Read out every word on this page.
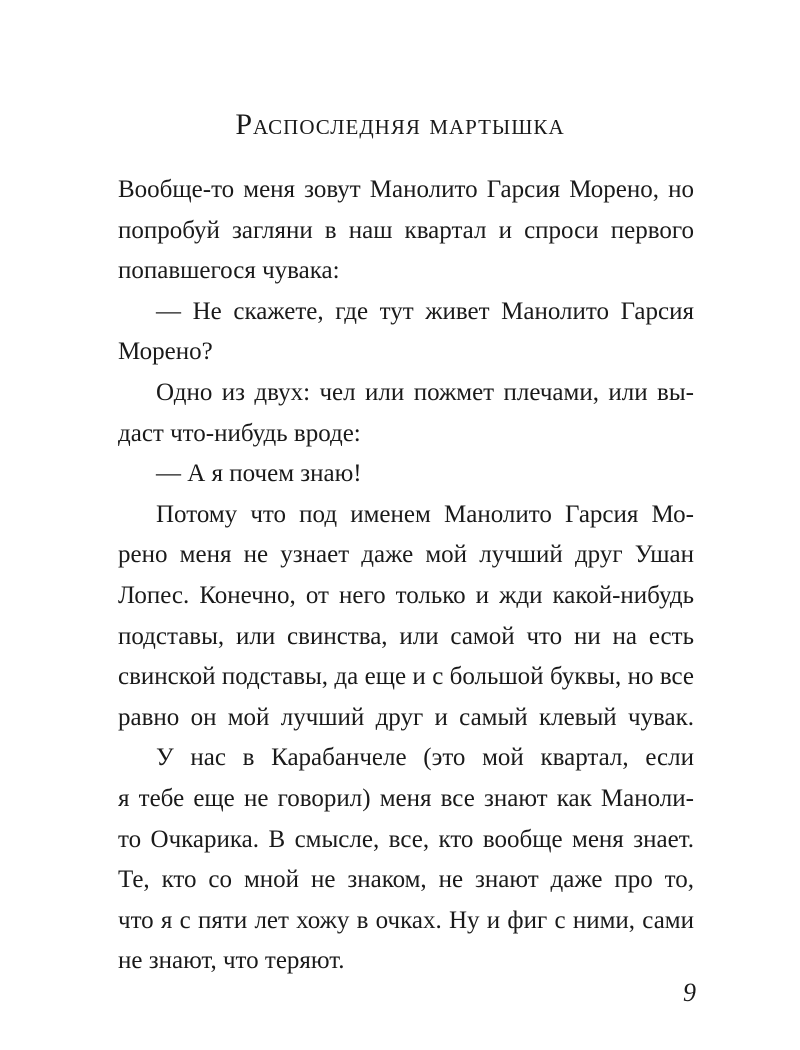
Распоследняя мартышка
Вообще-то меня зовут Манолито Гарсия Морено, но
попробуй загляни в наш квартал и спроси первого
попавшегося чувака:
— Не скажете, где тут живет Манолито Гарсия
Морено?
Одно из двух: чел или пожмет плечами, или вы-
даст что-нибудь вроде:
— А я почем знаю!
Потому что под именем Манолито Гарсия Мо-
рено меня не узнает даже мой лучший друг Ушан
Лопес. Конечно, от него только и жди какой-нибудь
подставы, или свинства, или самой что ни на есть
свинской подставы, да еще и с большой буквы, но все
равно он мой лучший друг и самый клевый чувак.
У нас в Карабанчеле (это мой квартал, если
я тебе еще не говорил) меня все знают как Маноли-
то Очкарика. В смысле, все, кто вообще меня знает.
Те, кто со мной не знаком, не знают даже про то,
что я с пяти лет хожу в очках. Ну и фиг с ними, сами
не знают, что теряют.
9
